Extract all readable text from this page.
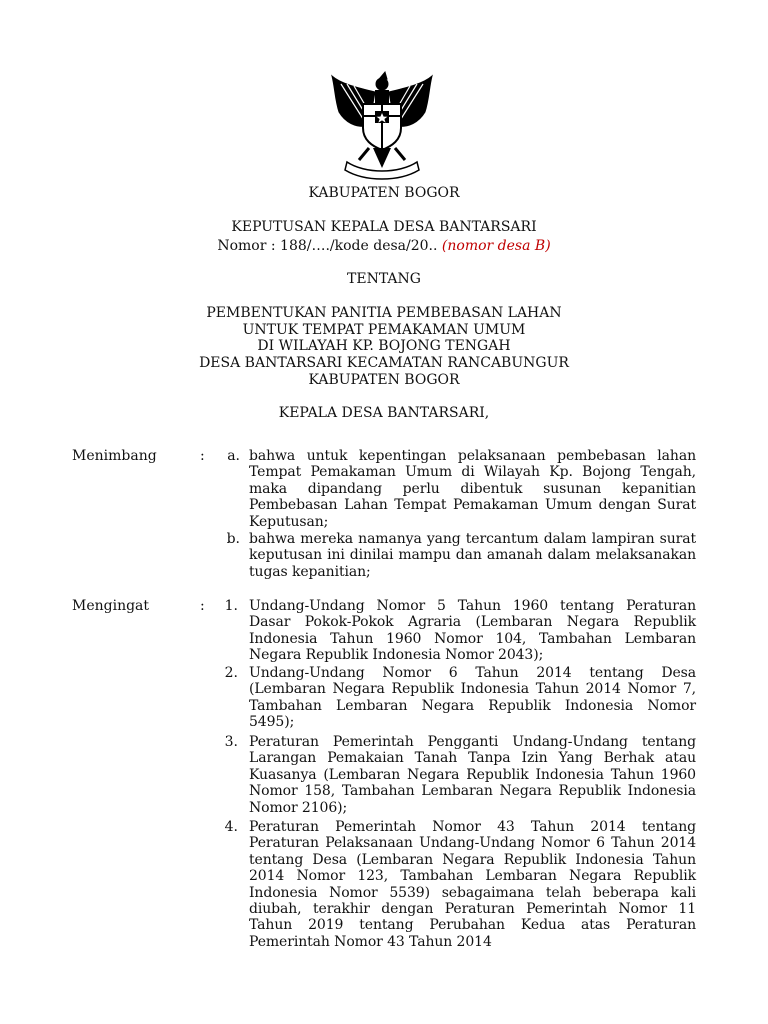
KABUPATEN BOGOR
KEPUTUSAN KEPALA DESA BANTARSARI
Nomor : 188/…./kode desa/20.. (nomor desa B)
TENTANG
PEMBENTUKAN PANITIA PEMBEBASAN LAHAN
UNTUK TEMPAT PEMAKAMAN UMUM
DI WILAYAH KP. BOJONG TENGAH
DESA BANTARSARI KECAMATAN RANCABUNGUR
KABUPATEN BOGOR
KEPALA DESA BANTARSARI,
Menimbang	:	a. bahwa untuk kepentingan pelaksanaan pembebasan lahan Tempat Pemakaman Umum di Wilayah Kp. Bojong Tengah, maka dipandang perlu dibentuk susunan kepanitian Pembebasan Lahan Tempat Pemakaman Umum dengan Surat Keputusan;
b. bahwa mereka namanya yang tercantum dalam lampiran surat keputusan ini dinilai mampu dan amanah dalam melaksanakan tugas kepanitian;
Mengingat	:	1. Undang-Undang Nomor 5 Tahun 1960 tentang Peraturan Dasar Pokok-Pokok Agraria (Lembaran Negara Republik Indonesia Tahun 1960 Nomor 104, Tambahan Lembaran Negara Republik Indonesia Nomor 2043);
2. Undang-Undang Nomor 6 Tahun 2014 tentang Desa (Lembaran Negara Republik Indonesia Tahun 2014 Nomor 7, Tambahan Lembaran Negara Republik Indonesia Nomor 5495);
3. Peraturan Pemerintah Pengganti Undang-Undang tentang Larangan Pemakaian Tanah Tanpa Izin Yang Berhak atau Kuasanya (Lembaran Negara Republik Indonesia Tahun 1960 Nomor 158, Tambahan Lembaran Negara Republik Indonesia Nomor 2106);
4. Peraturan Pemerintah Nomor 43 Tahun 2014 tentang Peraturan Pelaksanaan Undang-Undang Nomor 6 Tahun 2014 tentang Desa (Lembaran Negara Republik Indonesia Tahun 2014 Nomor 123, Tambahan Lembaran Negara Republik Indonesia Nomor 5539) sebagaimana telah beberapa kali diubah, terakhir dengan Peraturan Pemerintah Nomor 11 Tahun 2019 tentang Perubahan Kedua atas Peraturan Pemerintah Nomor 43 Tahun 2014
